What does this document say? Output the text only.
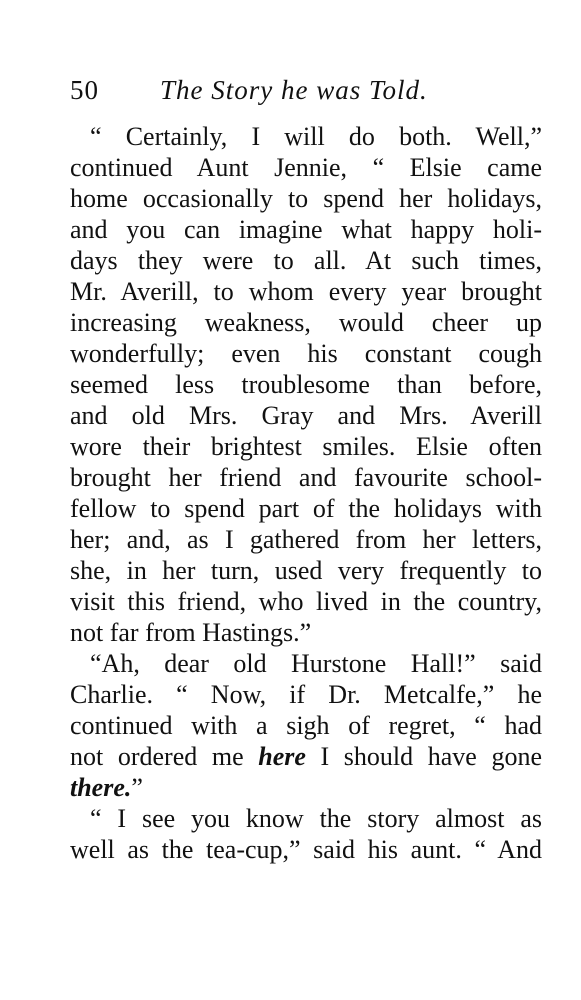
50 The Story he was Told.
“ Certainly, I will do both. Well,”
continued Aunt Jennie, “ Elsie came
home occasionally to spend her holidays,
and you can imagine what happy holi-
days they were to all. At such times,
Mr. Averill, to whom every year brought
increasing weakness, would cheer up
wonderfully; even his constant cough
seemed less troublesome than before,
and old Mrs. Gray and Mrs. Averill
wore their brightest smiles. Elsie often
brought her friend and favourite school-
fellow to spend part of the holidays with
her; and, as I gathered from her letters,
she, in her turn, used very frequently to
visit this friend, who lived in the country,
not far from Hastings.”
“Ah, dear old Hurstone Hall!” said
Charlie. “ Now, if Dr. Metcalfe,” he
continued with a sigh of regret, “ had
not ordered me here I should have gone
there.”
“ I see you know the story almost as
well as the tea-cup,” said his aunt. “ And
